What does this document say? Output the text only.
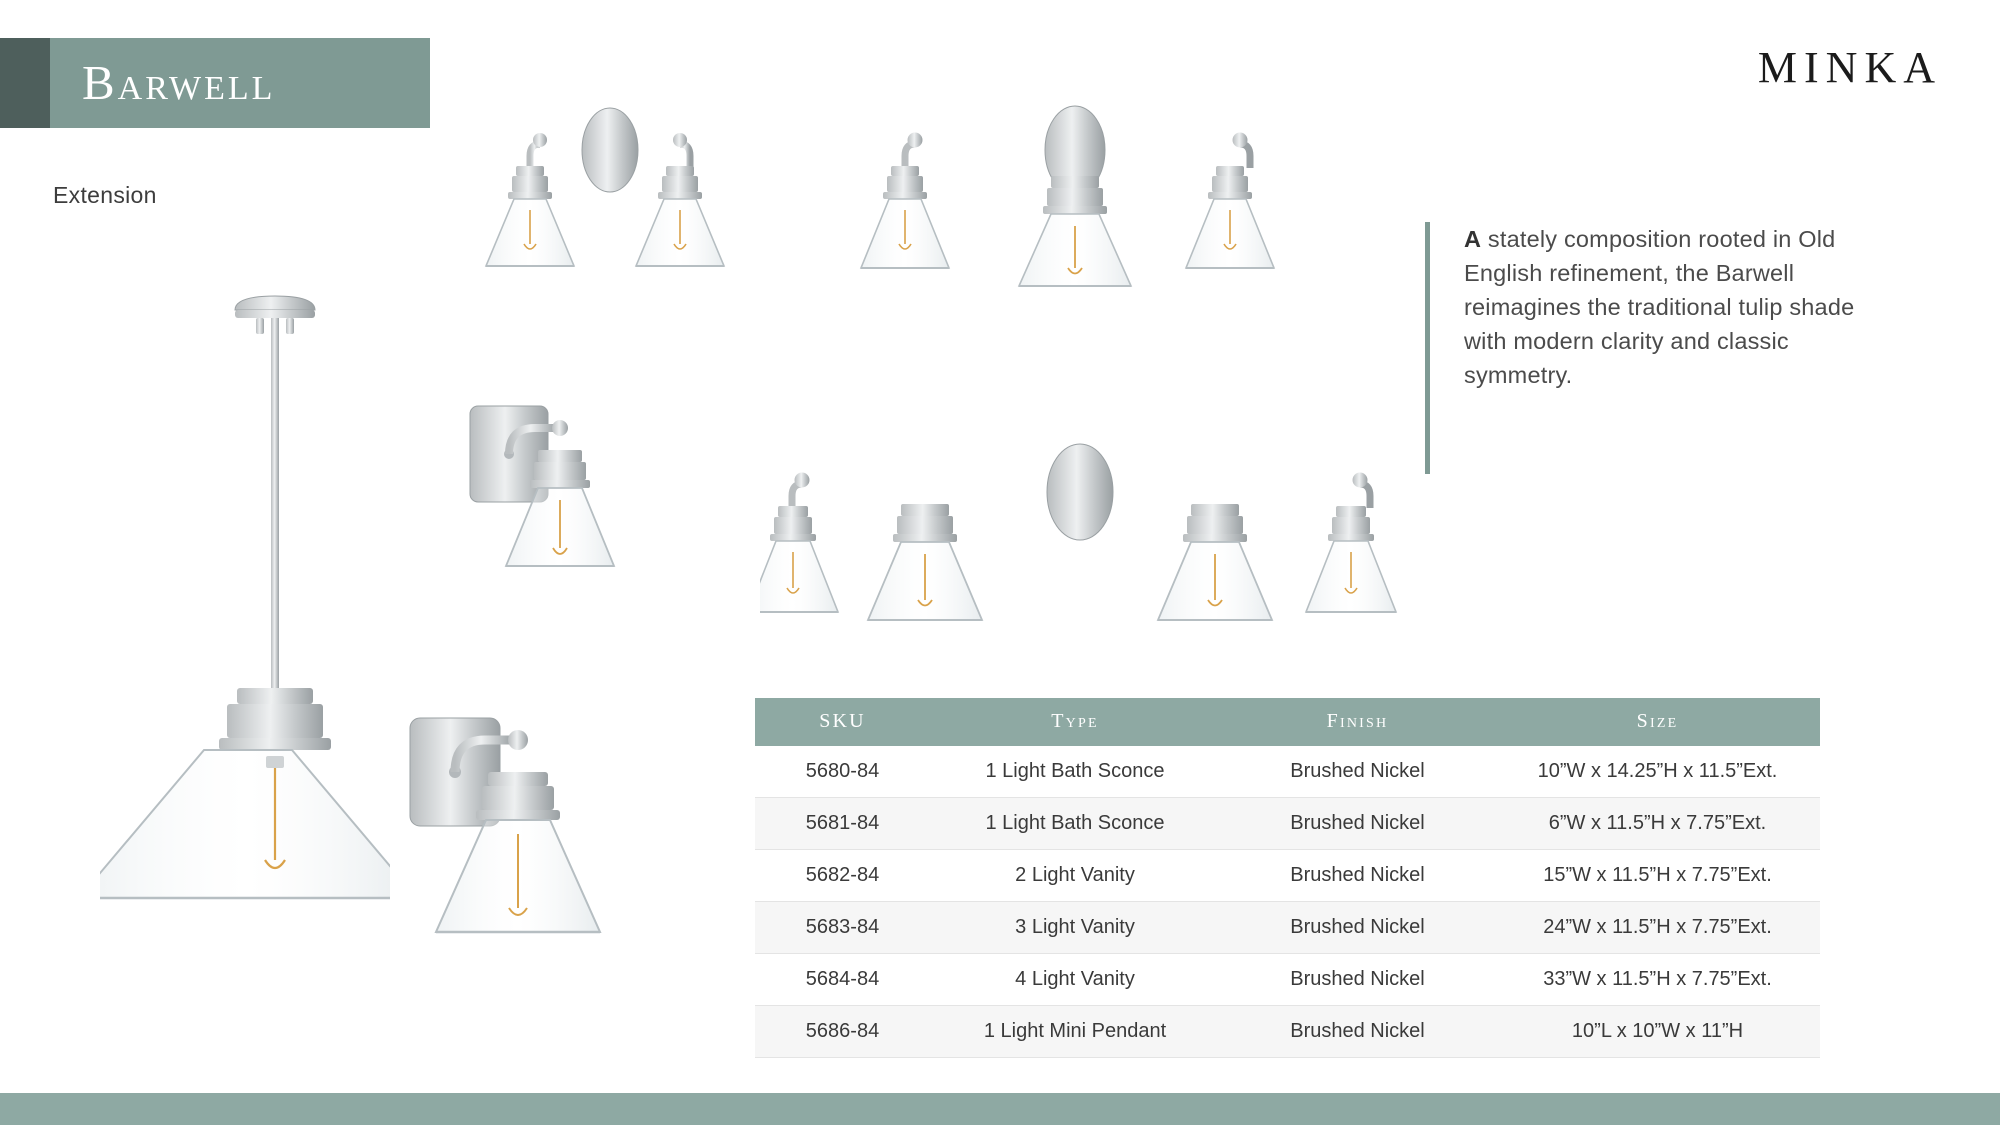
Barwell
Extension
MINKA
A stately composition rooted in Old English refinement, the Barwell reimagines the traditional tulip shade with modern clarity and classic symmetry.
SKU	Type	Finish	Size
5680-84	1 Light Bath Sconce	Brushed Nickel	10”W x 14.25”H x 11.5”Ext.
5681-84	1 Light Bath Sconce	Brushed Nickel	6”W x 11.5”H x 7.75”Ext.
5682-84	2 Light Vanity	Brushed Nickel	15”W x 11.5”H x 7.75”Ext.
5683-84	3 Light Vanity	Brushed Nickel	24”W x 11.5”H x 7.75”Ext.
5684-84	4 Light Vanity	Brushed Nickel	33”W x 11.5”H x 7.75”Ext.
5686-84	1 Light Mini Pendant	Brushed Nickel	10”L x 10”W x 11”H
